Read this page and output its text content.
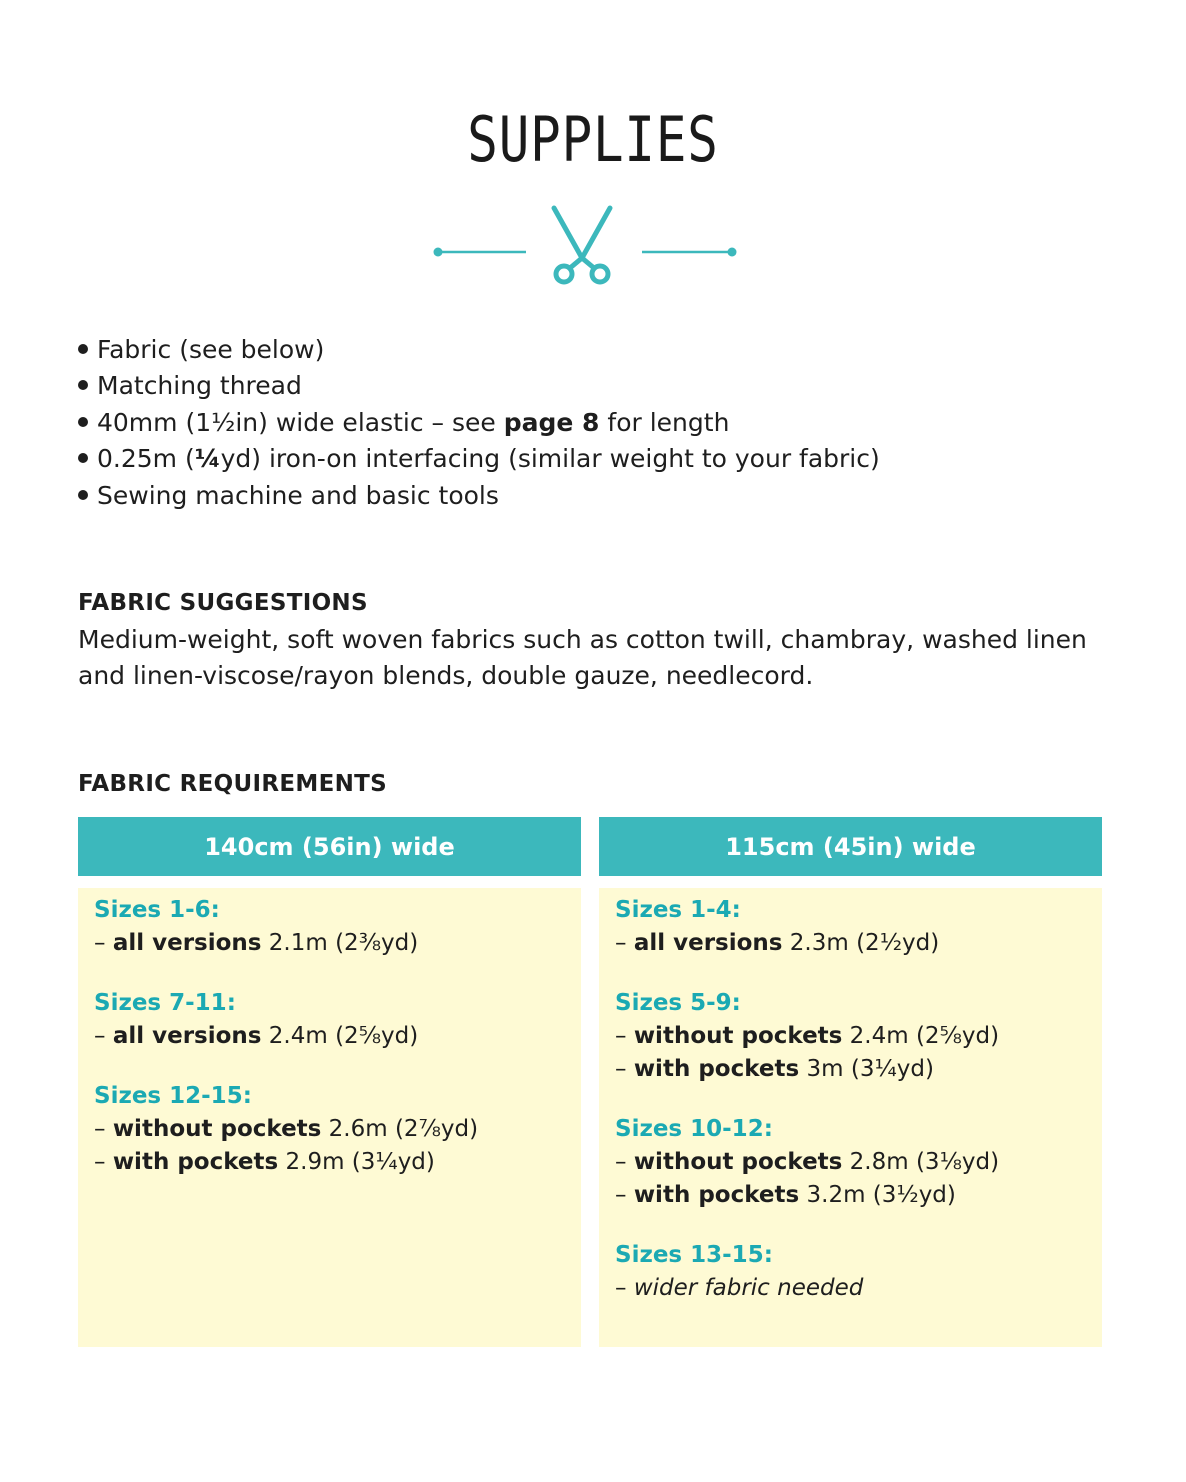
SUPPLIES
Fabric (see below)
Matching thread
40mm (1½in) wide elastic – see page 8 for length
0.25m (¼yd) iron-on interfacing (similar weight to your fabric)
Sewing machine and basic tools
FABRIC SUGGESTIONS

Medium-weight, soft woven fabrics such as cotton twill, chambray, washed linen and linen-viscose/rayon blends, double gauze, needlecord.

FABRIC REQUIREMENTS
140cm (56in) wide
Sizes 1-6:
– all versions 2.1m (2⅜yd)
Sizes 7-11:
– all versions 2.4m (2⅝yd)
Sizes 12-15:
– without pockets 2.6m (2⅞yd)
– with pockets 2.9m (3¼yd)
115cm (45in) wide
Sizes 1-4:
– all versions 2.3m (2½yd)
Sizes 5-9:
– without pockets 2.4m (2⅝yd)
– with pockets 3m (3¼yd)
Sizes 10-12:
– without pockets 2.8m (3⅛yd)
– with pockets 3.2m (3½yd)
Sizes 13-15:
– wider fabric needed
